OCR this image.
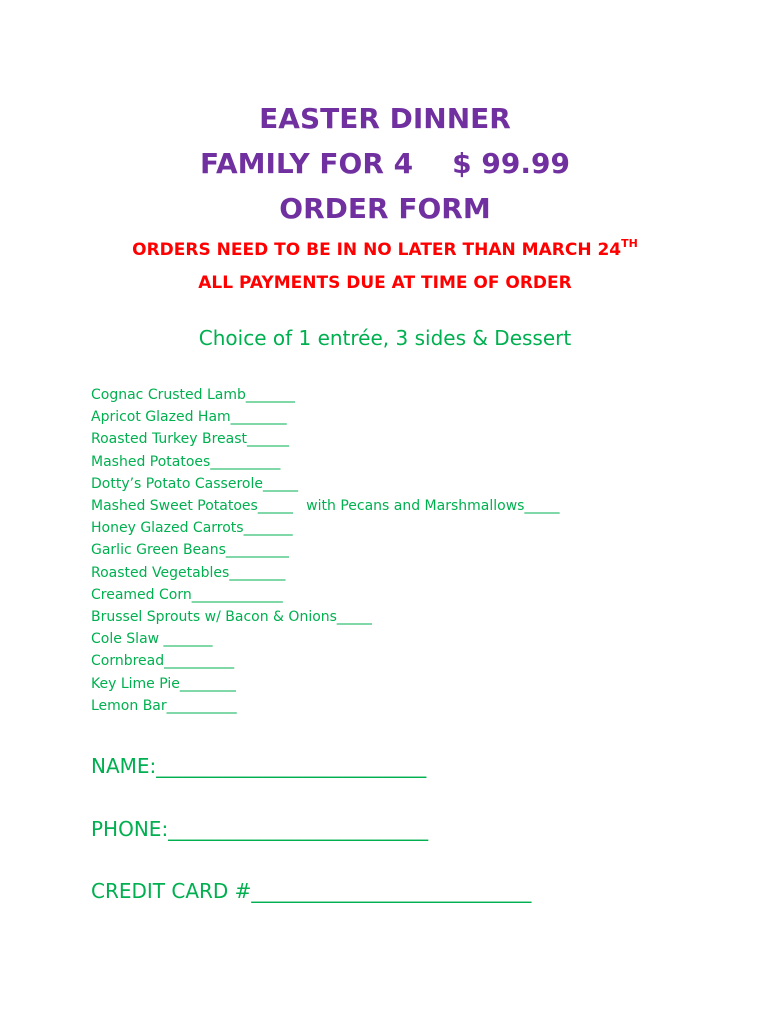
EASTER DINNER
FAMILY FOR 4    $ 99.99
ORDER FORM
ORDERS NEED TO BE IN NO LATER THAN MARCH 24TH
ALL PAYMENTS DUE AT TIME OF ORDER
Choice of 1 entrée, 3 sides & Dessert
Cognac Crusted Lamb_______
Apricot Glazed Ham________
Roasted Turkey Breast______
Mashed Potatoes__________
Dotty’s Potato Casserole_____
Mashed Sweet Potatoes_____   with Pecans and Marshmallows_____
Honey Glazed Carrots_______
Garlic Green Beans_________
Roasted Vegetables________
Creamed Corn_____________
Brussel Sprouts w/ Bacon & Onions_____
Cole Slaw _______
Cornbread__________
Key Lime Pie________
Lemon Bar__________
NAME:___________________________
PHONE:__________________________
CREDIT CARD #____________________________
